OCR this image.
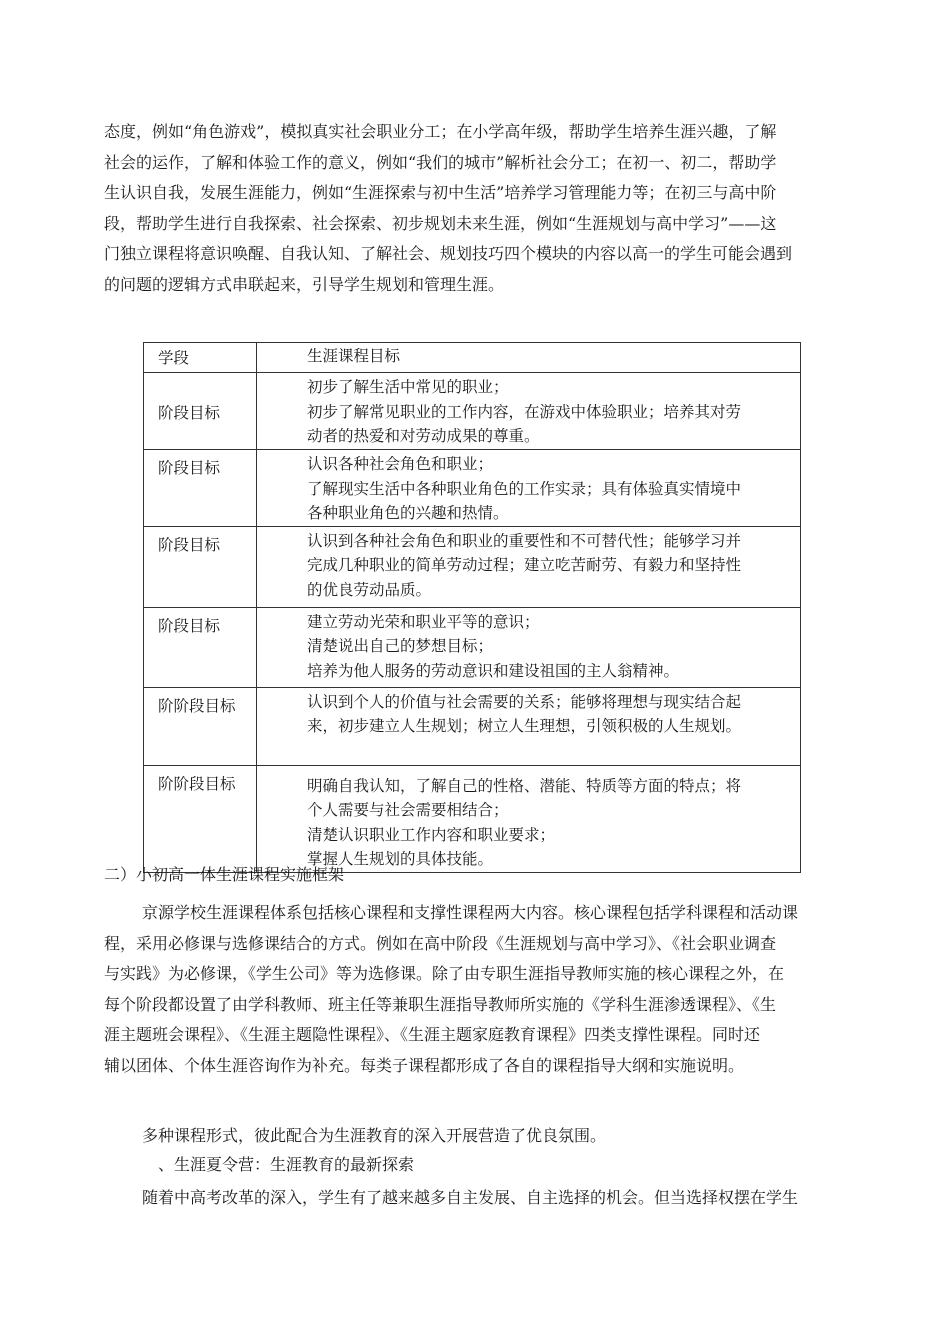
态度，例如“角色游戏”，模拟真实社会职业分工；在小学高年级，帮助学生培养生涯兴趣，了解
社会的运作，了解和体验工作的意义，例如“我们的城市”解析社会分工；在初一、初二，帮助学
生认识自我，发展生涯能力，例如“生涯探索与初中生活”培养学习管理能力等；在初三与高中阶
段，帮助学生进行自我探索、社会探索、初步规划未来生涯，例如“生涯规划与高中学习”——这
门独立课程将意识唤醒、自我认知、了解社会、规划技巧四个模块的内容以高一的学生可能会遇到
的问题的逻辑方式串联起来，引导学生规划和管理生涯。
学段	生涯课程目标

阶段目标	初步了解生活中常见的职业；
初步了解常见职业的工作内容，在游戏中体验职业；培养其对劳
动者的热爱和对劳动成果的尊重。

阶段目标	认识各种社会角色和职业；
了解现实生活中各种职业角色的工作实录；具有体验真实情境中
各种职业角色的兴趣和热情。

阶段目标	认识到各种社会角色和职业的重要性和不可替代性；能够学习并
完成几种职业的简单劳动过程；建立吃苦耐劳、有毅力和坚持性
的优良劳动品质。

阶段目标	建立劳动光荣和职业平等的意识；
清楚说出自己的梦想目标；
培养为他人服务的劳动意识和建设祖国的主人翁精神。

阶阶段目标	认识到个人的价值与社会需要的关系；能够将理想与现实结合起
来，初步建立人生规划；树立人生理想，引领积极的人生规划。

阶阶段目标	明确自我认知，了解自己的性格、潜能、特质等方面的特点；将
个人需要与社会需要相结合；
清楚认识职业工作内容和职业要求；
掌握人生规划的具体技能。
二）小初高一体生涯课程实施框架
京源学校生涯课程体系包括核心课程和支撑性课程两大内容。核心课程包括学科课程和活动课
程，采用必修课与选修课结合的方式。例如在高中阶段《生涯规划与高中学习》、《社会职业调查
与实践》为必修课，《学生公司》等为选修课。除了由专职生涯指导教师实施的核心课程之外，在
每个阶段都设置了由学科教师、班主任等兼职生涯指导教师所实施的《学科生涯渗透课程》、《生
涯主题班会课程》、《生涯主题隐性课程》、《生涯主题家庭教育课程》四类支撑性课程。同时还
辅以团体、个体生涯咨询作为补充。每类子课程都形成了各自的课程指导大纲和实施说明。
多种课程形式，彼此配合为生涯教育的深入开展营造了优良氛围。
、生涯夏令营：生涯教育的最新探索
随着中高考改革的深入，学生有了越来越多自主发展、自主选择的机会。但当选择权摆在学生
